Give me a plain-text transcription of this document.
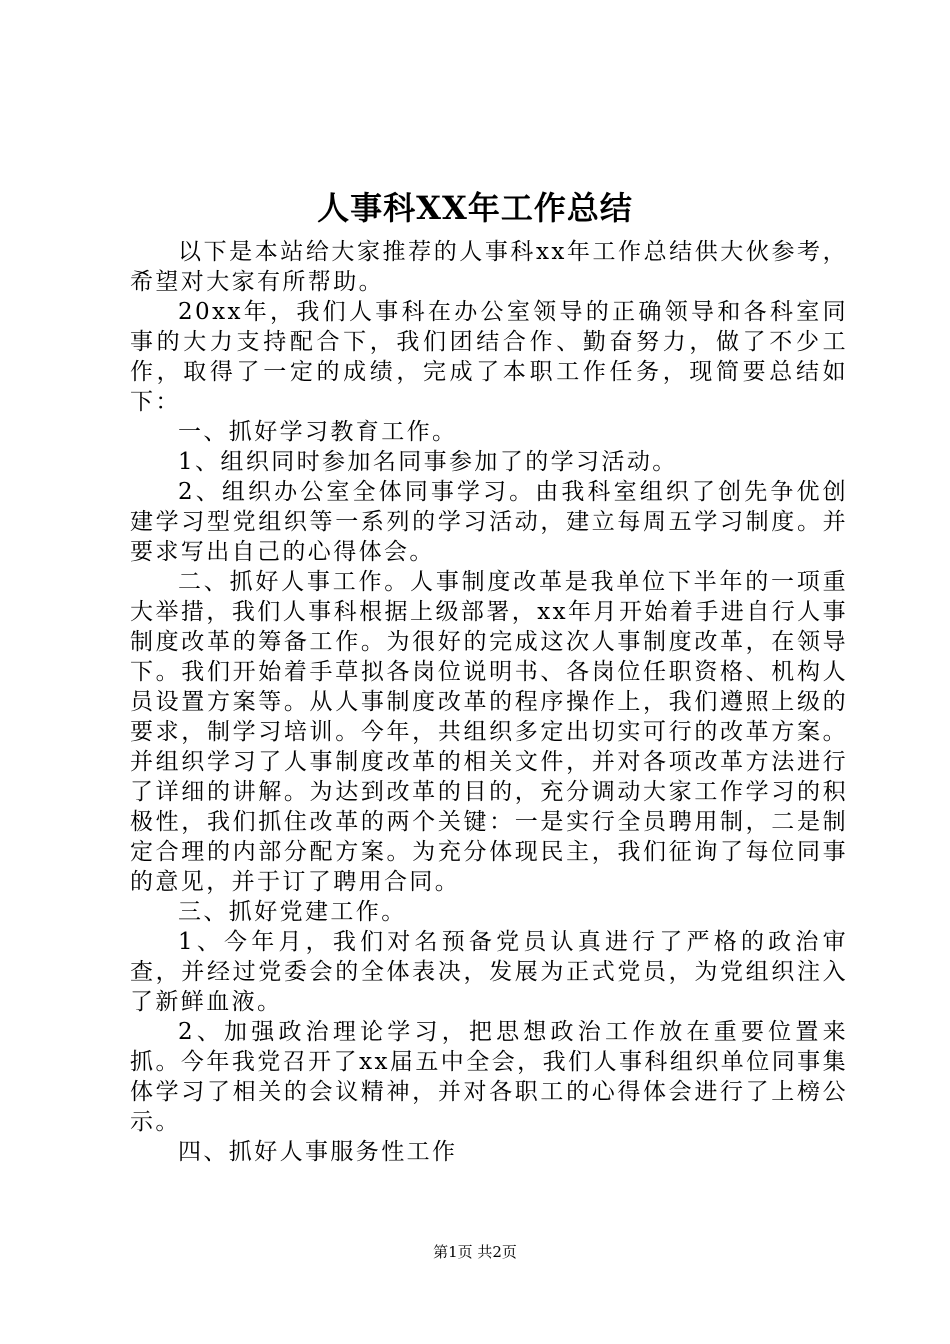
人事科XX年工作总结

以下是本站给大家推荐的人事科xx年工作总结供大伙参考，希望对大家有所帮助。

20xx年，我们人事科在办公室领导的正确领导和各科室同事的大力支持配合下，我们团结合作、勤奋努力，做了不少工作，取得了一定的成绩，完成了本职工作任务，现简要总结如下：

一、抓好学习教育工作。

1、组织同时参加名同事参加了的学习活动。

2、组织办公室全体同事学习。由我科室组织了创先争优创建学习型党组织等一系列的学习活动，建立每周五学习制度。并要求写出自己的心得体会。

二、抓好人事工作。人事制度改革是我单位下半年的一项重大举措，我们人事科根据上级部署，xx年月开始着手进自行人事制度改革的筹备工作。为很好的完成这次人事制度改革，在领导下。我们开始着手草拟各岗位说明书、各岗位任职资格、机构人员设置方案等。从人事制度改革的程序操作上，我们遵照上级的要求，制学习培训。今年，共组织多定出切实可行的改革方案。并组织学习了人事制度改革的相关文件，并对各项改革方法进行了详细的讲解。为达到改革的目的，充分调动大家工作学习的积极性，我们抓住改革的两个关键：一是实行全员聘用制，二是制定合理的内部分配方案。为充分体现民主，我们征询了每位同事的意见，并于订了聘用合同。

三、抓好党建工作。

1、今年月，我们对名预备党员认真进行了严格的政治审查，并经过党委会的全体表决，发展为正式党员，为党组织注入了新鲜血液。

2、加强政治理论学习，把思想政治工作放在重要位置来抓。今年我党召开了xx届五中全会，我们人事科组织单位同事集体学习了相关的会议精神，并对各职工的心得体会进行了上榜公示。

四、抓好人事服务性工作

第1页 共2页
